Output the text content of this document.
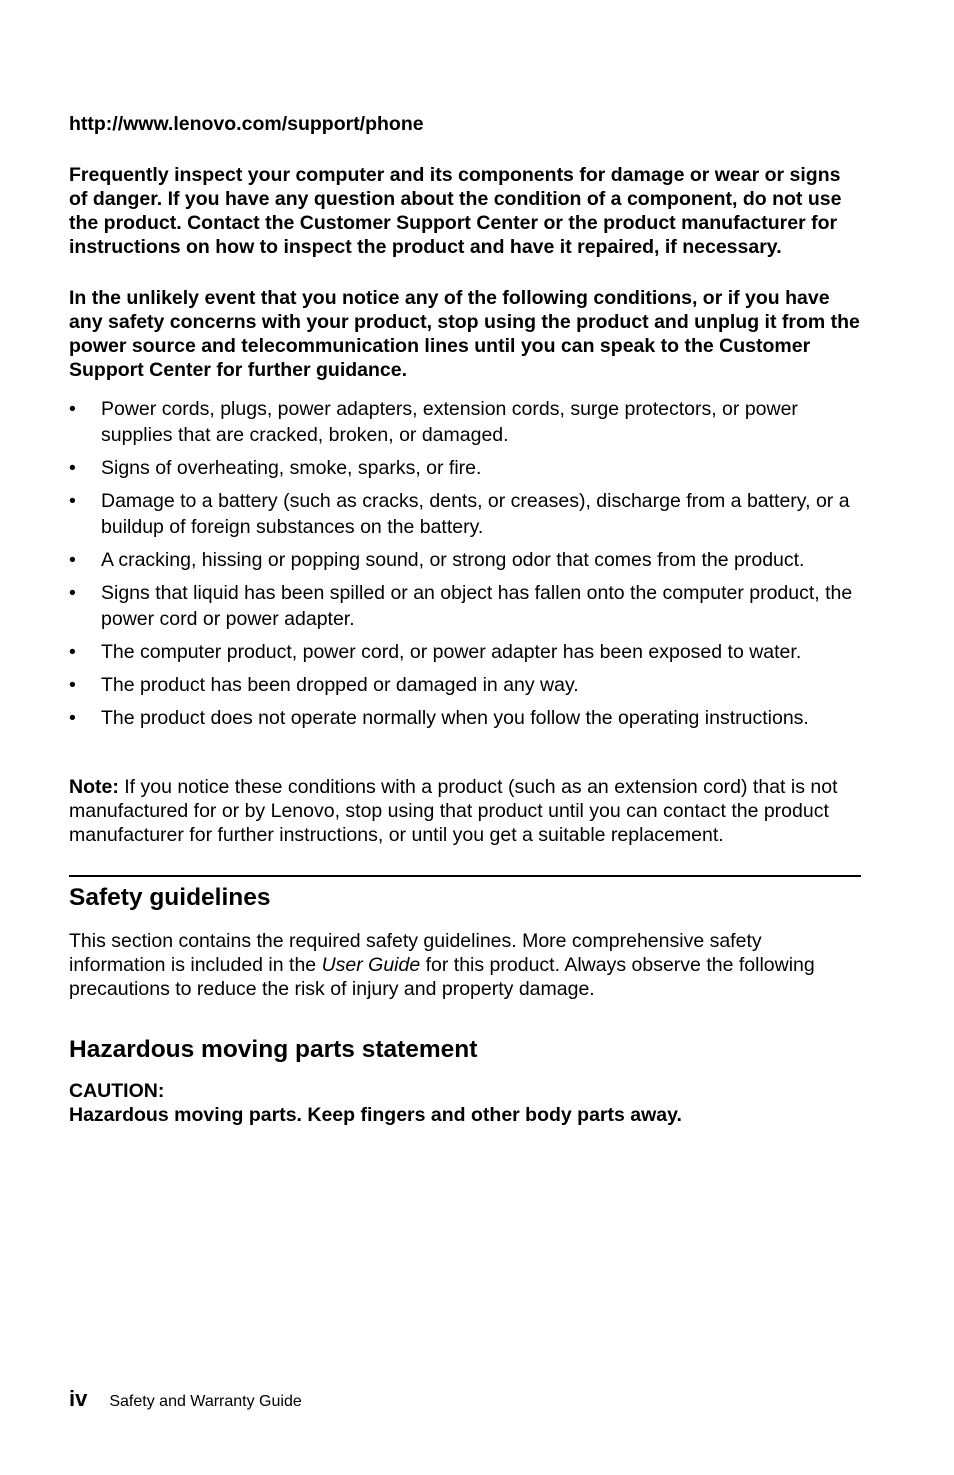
http://www.lenovo.com/support/phone

Frequently inspect your computer and its components for damage or wear or signs of danger. If you have any question about the condition of a component, do not use the product. Contact the Customer Support Center or the product manufacturer for instructions on how to inspect the product and have it repaired, if necessary.

In the unlikely event that you notice any of the following conditions, or if you have any safety concerns with your product, stop using the product and unplug it from the power source and telecommunication lines until you can speak to the Customer Support Center for further guidance.

• Power cords, plugs, power adapters, extension cords, surge protectors, or power supplies that are cracked, broken, or damaged.
• Signs of overheating, smoke, sparks, or fire.
• Damage to a battery (such as cracks, dents, or creases), discharge from a battery, or a buildup of foreign substances on the battery.
• A cracking, hissing or popping sound, or strong odor that comes from the product.
• Signs that liquid has been spilled or an object has fallen onto the computer product, the power cord or power adapter.
• The computer product, power cord, or power adapter has been exposed to water.
• The product has been dropped or damaged in any way.
• The product does not operate normally when you follow the operating instructions.

Note: If you notice these conditions with a product (such as an extension cord) that is not manufactured for or by Lenovo, stop using that product until you can contact the product manufacturer for further instructions, or until you get a suitable replacement.

Safety guidelines

This section contains the required safety guidelines. More comprehensive safety information is included in the User Guide for this product. Always observe the following precautions to reduce the risk of injury and property damage.

Hazardous moving parts statement

CAUTION:

Hazardous moving parts. Keep fingers and other body parts away.

iv Safety and Warranty Guide
